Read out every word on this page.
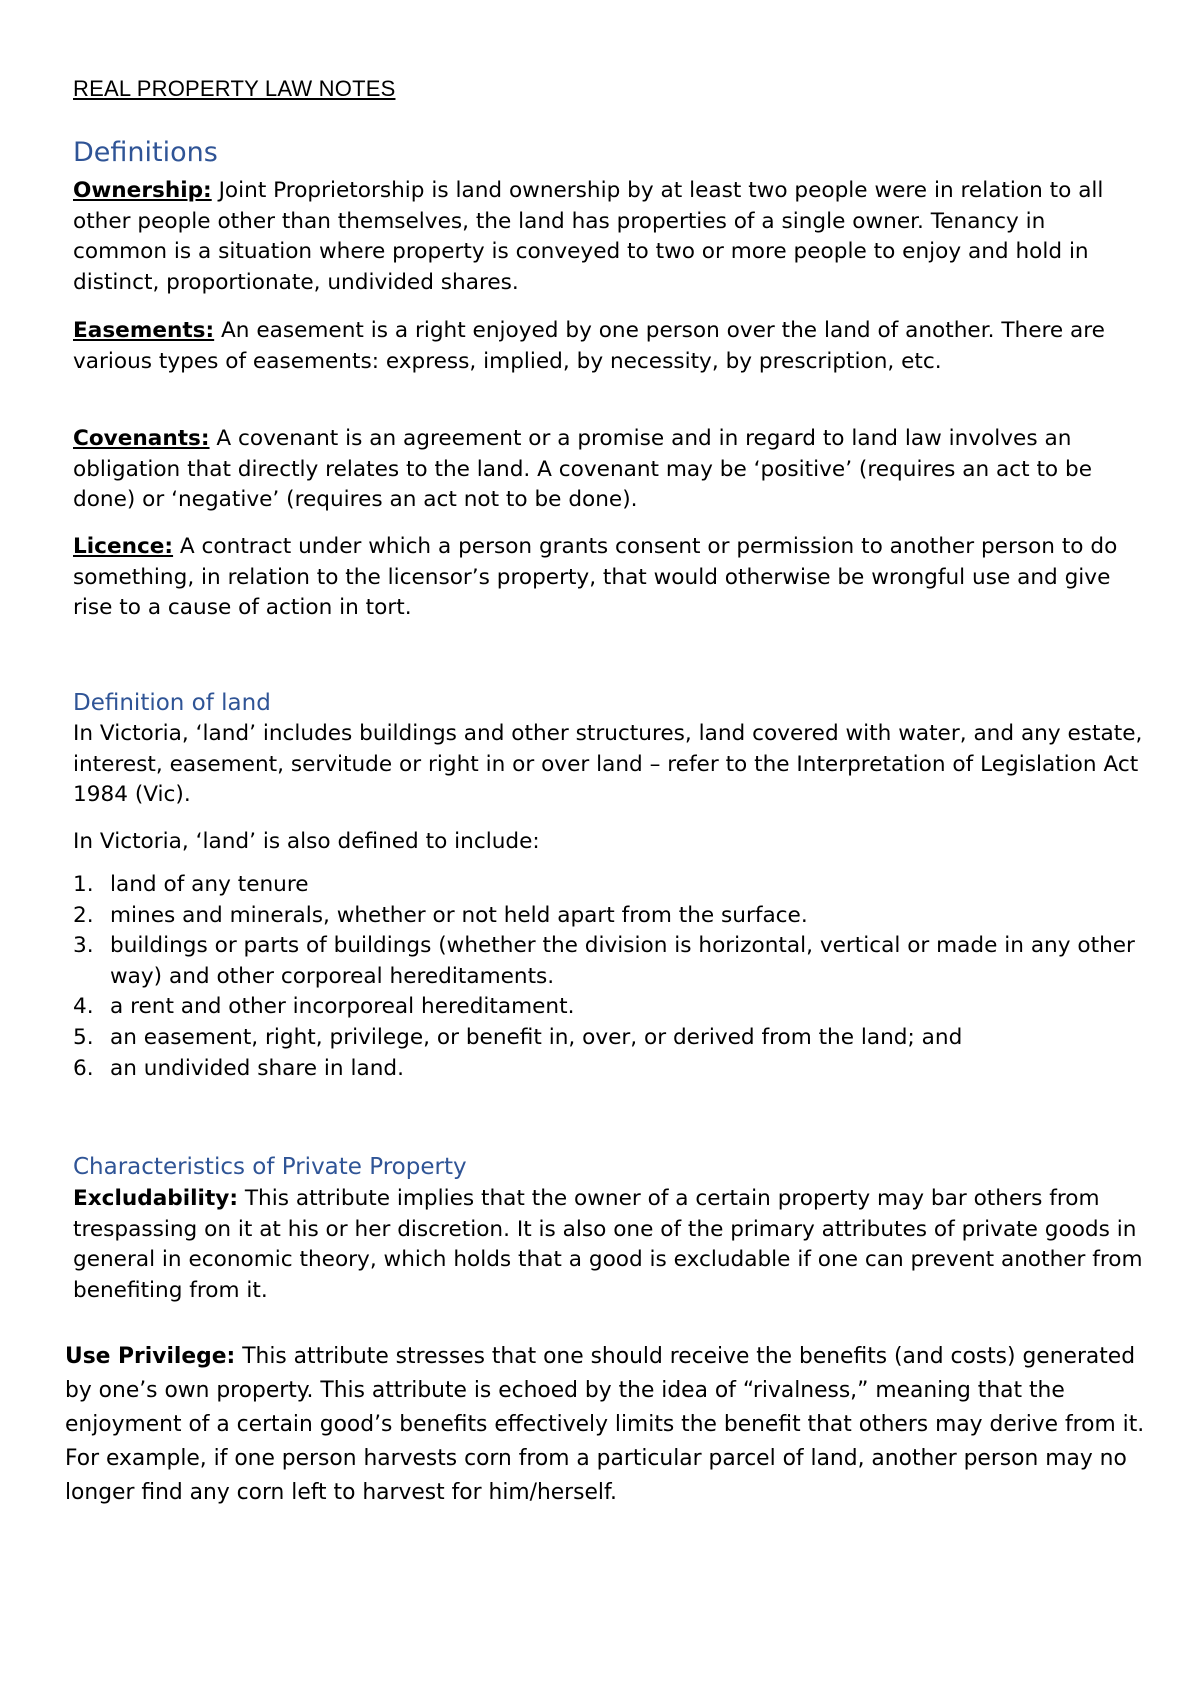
REAL PROPERTY LAW NOTES
Definitions
Ownership: Joint Proprietorship is land ownership by at least two people were in relation to all other people other than themselves, the land has properties of a single owner. Tenancy in common is a situation where property is conveyed to two or more people to enjoy and hold in distinct, proportionate, undivided shares.
Easements: An easement is a right enjoyed by one person over the land of another. There are various types of easements: express, implied, by necessity, by prescription, etc.
Covenants: A covenant is an agreement or a promise and in regard to land law involves an obligation that directly relates to the land. A covenant may be ‘positive’ (requires an act to be done) or ‘negative’ (requires an act not to be done).
Licence: A contract under which a person grants consent or permission to another person to do something, in relation to the licensor’s property, that would otherwise be wrongful use and give rise to a cause of action in tort.
Definition of land
In Victoria, ‘land’ includes buildings and other structures, land covered with water, and any estate, interest, easement, servitude or right in or over land – refer to the Interpretation of Legislation Act 1984 (Vic).
In Victoria, ‘land’ is also defined to include:
1. land of any tenure
2. mines and minerals, whether or not held apart from the surface.
3. buildings or parts of buildings (whether the division is horizontal, vertical or made in any other way) and other corporeal hereditaments.
4. a rent and other incorporeal hereditament.
5. an easement, right, privilege, or benefit in, over, or derived from the land; and
6. an undivided share in land.
Characteristics of Private Property
Excludability: This attribute implies that the owner of a certain property may bar others from trespassing on it at his or her discretion. It is also one of the primary attributes of private goods in general in economic theory, which holds that a good is excludable if one can prevent another from benefiting from it.
Use Privilege: This attribute stresses that one should receive the benefits (and costs) generated by one’s own property. This attribute is echoed by the idea of “rivalness,” meaning that the enjoyment of a certain good’s benefits effectively limits the benefit that others may derive from it. For example, if one person harvests corn from a particular parcel of land, another person may no longer find any corn left to harvest for him/herself.
